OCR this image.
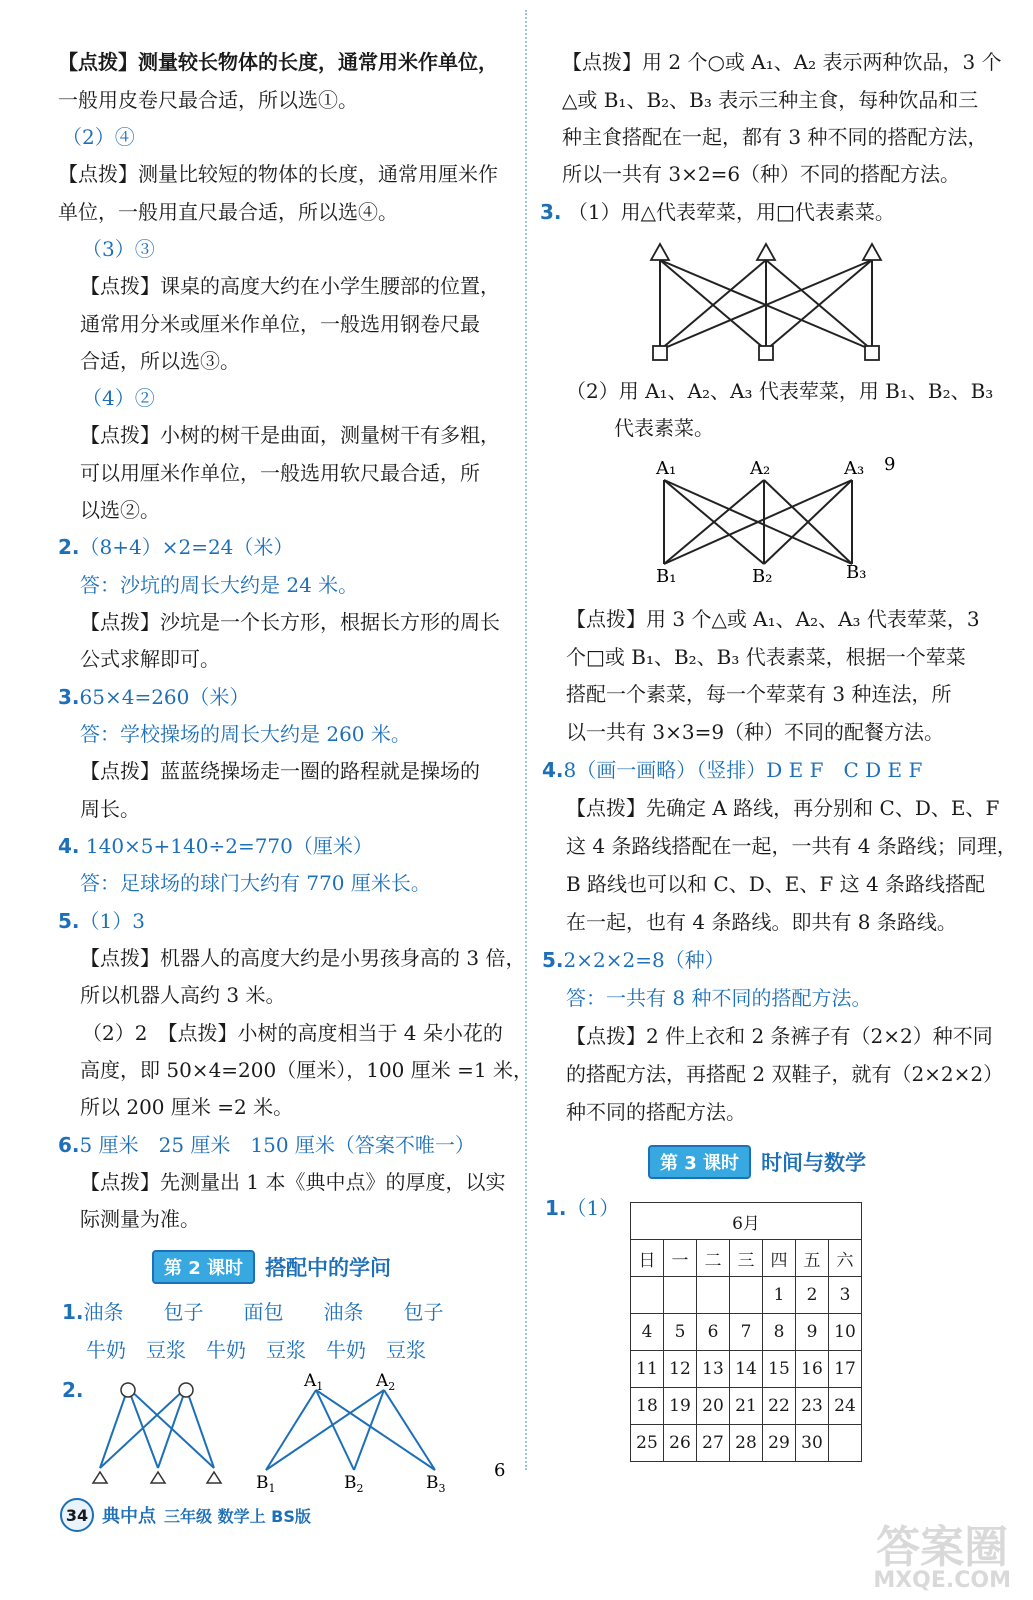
【点拨】测量较长物体的长度，通常用米作单位，
一般用皮卷尺最合适，所以选①。
（2）④
【点拨】测量比较短的物体的长度，通常用厘米作
单位，一般用直尺最合适，所以选④。
（3）③
【点拨】课桌的高度大约在小学生腰部的位置，
通常用分米或厘米作单位，一般选用钢卷尺最
合适，所以选③。
（4）②
【点拨】小树的树干是曲面，测量树干有多粗，
可以用厘米作单位，一般选用软尺最合适，所
以选②。
2.（8+4）×2=24（米）
答：沙坑的周长大约是 24 米。
【点拨】沙坑是一个长方形，根据长方形的周长
公式求解即可。
3.65×4=260（米）
答：学校操场的周长大约是 260 米。
【点拨】蓝蓝绕操场走一圈的路程就是操场的
周长。
4. 140×5+140÷2=770（厘米）
答：足球场的球门大约有 770 厘米长。
5.（1）3
【点拨】机器人的高度大约是小男孩身高的 3 倍，
所以机器人高约 3 米。
（2）2　【点拨】小树的高度相当于 4 朵小花的
高度，即 50×4=200（厘米），100 厘米 =1 米，
所以 200 厘米 =2 米。
6.5 厘米　25 厘米　150 厘米（答案不唯一）
【点拨】先测量出 1 本《典中点》的厚度，以实
际测量为准。
第 2 课时	搭配中的学问
1.油条　　包子　　面包　　油条　　包子
牛奶　豆浆　牛奶　豆浆　牛奶　豆浆
2.	$A_1$	$A_2$
$B_1$	$B_2$	$B_3$
6
【点拨】用 2 个○或 A₁、A₂ 表示两种饮品，3 个
△或 B₁、B₂、B₃ 表示三种主食，每种饮品和三
种主食搭配在一起，都有 3 种不同的搭配方法，
所以一共有 3×2=6（种）不同的搭配方法。
3. （1）用△代表荤菜，用□代表素菜。
（2）用 A₁、A₂、A₃ 代表荤菜，用 B₁、B₂、B₃
代表素菜。
A₁	A₂	A₃ 9
B₁	B₂	B₃
【点拨】用 3 个△或 A₁、A₂、A₃ 代表荤菜，3
个□或 B₁、B₂、B₃ 代表素菜，根据一个荤菜
搭配一个素菜，每一个荤菜有 3 种连法，所
以一共有 3×3=9（种）不同的配餐方法。
4.8（画一画略）（竖排）D E F　C D E F
【点拨】先确定 A 路线，再分别和 C、D、E、F
这 4 条路线搭配在一起，一共有 4 条路线；同理，
B 路线也可以和 C、D、E、F 这 4 条路线搭配
在一起，也有 4 条路线。即共有 8 条路线。
5.2×2×2=8（种）
答：一共有 8 种不同的搭配方法。
【点拨】2 件上衣和 2 条裤子有（2×2）种不同
的搭配方法，再搭配 2 双鞋子，就有（2×2×2）
种不同的搭配方法。
第 3 课时	时间与数学
1.（1）
6月						
日	一	二	三	四	五	六
				1	2	3
4	5	6	7	8	9	10
11	12	13	14	15	16	17
18	19	20	21	22	23	24
25	26	27	28	29	30	
34 典中点 三年级 数学上 BS版
答案圈
MXQE.COM
